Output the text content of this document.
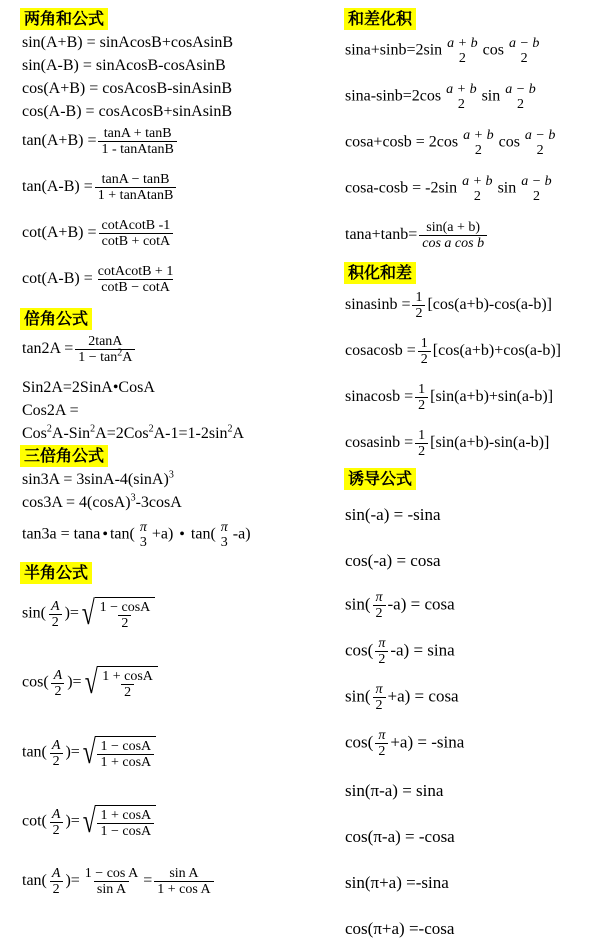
两角和公式
sin(A+B) = sinAcosB+cosAsinB
sin(A-B) = sinAcosB-cosAsinB
cos(A+B) = cosAcosB-sinAsinB
cos(A-B) = cosAcosB+sinAsinB
$\tan(A+B) = \frac{\tan A + \tan B}{\text{1 - tanAtanB}}$
$\tan(A-B) = \frac{\tan A - \tan B}{\text{1 + tanAtanB}}$
$\cot(A+B) = \frac{\text{cotAcotB -1}}{\cot B + \cot A}$
$\cot(A-B) = \frac{\text{cotAcotB + 1}}{\cot B - \cot A}$
倍角公式
$\tan 2A = \frac{2\tan A}{1 - \tan^2A}$
Sin2A=2SinA•CosA
Cos2A =
$Cos^2A-Sin^2A=2Cos^2A-1=1-2\sin^2A$
三倍角公式
$\sin 3A = 3\sin A-4(\sin A)^3$
$\cos 3A = 4(\cos A)^3-3\cos A$
tan3a = tana • tan( π
3 +a) • tan( π
3 -a)
半角公式
$\sin( \frac{A}{2}$ )= √ $\frac{1 - \cos A}{2}$
$\cos( \frac{A}{2}$ )= √ $\frac{1 + \cos A}{2}$
$\tan( \frac{A}{2}$ )= √ $\frac{1 - \cos A}{1 + \cos A}$
$\cot( \frac{A}{2}$ )= √ $\frac{1 + \cos A}{1 - \cos A}$
$\tan( \frac{A}{2}$ )= $\frac{\text{1 − cos A}}{\text{sin A}} = \frac{\text{sin A}}{\text{1 + cos A}}$
和差化积
sina+sinb=2sin a + b
2 cos a − b
2
sina-sinb=2cos a + b
2 sin a − b
2
cosa+cosb = 2cos a + b
2 cos a − b
2
cosa-cosb = -2sin a + b
2 sin a − b
2
$\tan a+\tan b= \frac{\sin(a + b)}{\text{cos a cos b}}$
积化和差
sinasinb = $\frac{1}{2} [\cos(a+b)-\cos(a-b)]$
cosacosb = $\frac{1}{2} [\cos(a+b)+\cos(a-b)]$
sinacosb = $\frac{1}{2} [\sin(a+b)+\sin(a-b)]$
cosasinb = $\frac{1}{2} [\sin(a+b)-\sin(a-b)]$
诱导公式
sin(-a) = -sina
cos(-a) = cosa
$\sin( \frac{\pi}{2} -a) = \cos a$
$\cos( \frac{\pi}{2} -a) = \sin a$
$\sin( \frac{\pi}{2} +a) = \cos a$
$\cos( \frac{\pi}{2} +a) = -\sin a$
sin(π-a) = sina
cos(π-a) = -cosa
sin(π+a) =-sina
cos(π+a) =-cosa
